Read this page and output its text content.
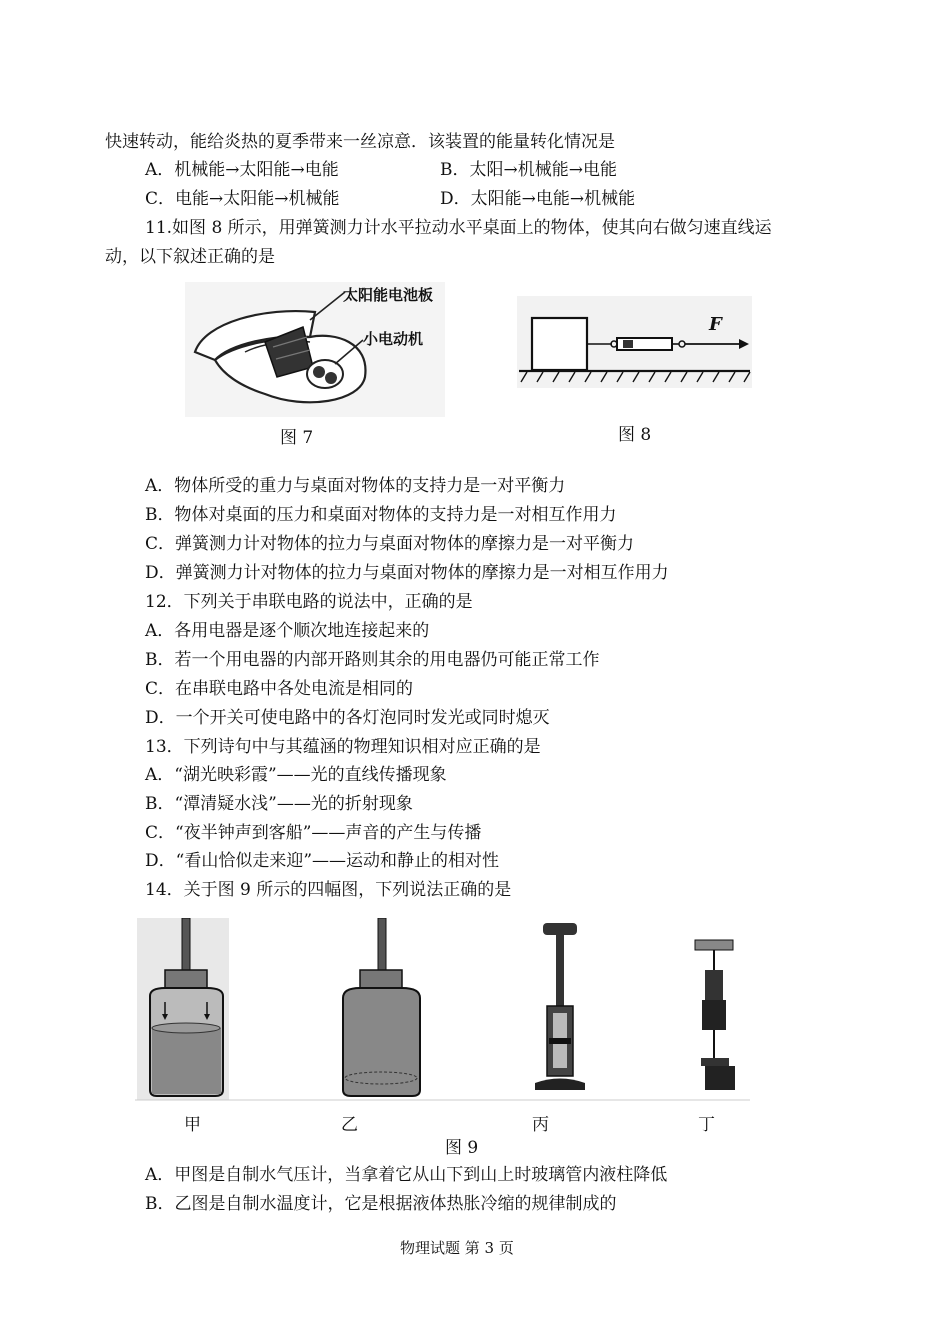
快速转动，能给炎热的夏季带来一丝凉意．该装置的能量转化情况是
A．机械能→太阳能→电能	B．太阳→机械能→电能
C．电能→太阳能→机械能	D．太阳能→电能→机械能
11.如图 8 所示，用弹簧测力计水平拉动水平桌面上的物体，使其向右做匀速直线运
动，以下叙述正确的是
太阳能电池板
小电动机
图 7
F
图 8
A．物体所受的重力与桌面对物体的支持力是一对平衡力
B．物体对桌面的压力和桌面对物体的支持力是一对相互作用力
C．弹簧测力计对物体的拉力与桌面对物体的摩擦力是一对平衡力
D．弹簧测力计对物体的拉力与桌面对物体的摩擦力是一对相互作用力
12．下列关于串联电路的说法中，正确的是
A．各用电器是逐个顺次地连接起来的
B．若一个用电器的内部开路则其余的用电器仍可能正常工作
C．在串联电路中各处电流是相同的
D．一个开关可使电路中的各灯泡同时发光或同时熄灭
13．下列诗句中与其蕴涵的物理知识相对应正确的是
A．“湖光映彩霞”——光的直线传播现象
B．“潭清疑水浅”——光的折射现象
C．“夜半钟声到客船”——声音的产生与传播
D．“看山恰似走来迎”——运动和静止的相对性
14．关于图 9 所示的四幅图，下列说法正确的是
甲	乙	丙	丁
图 9
A．甲图是自制水气压计，当拿着它从山下到山上时玻璃管内液柱降低
B．乙图是自制水温度计，它是根据液体热胀冷缩的规律制成的
物理试题 第 3 页
